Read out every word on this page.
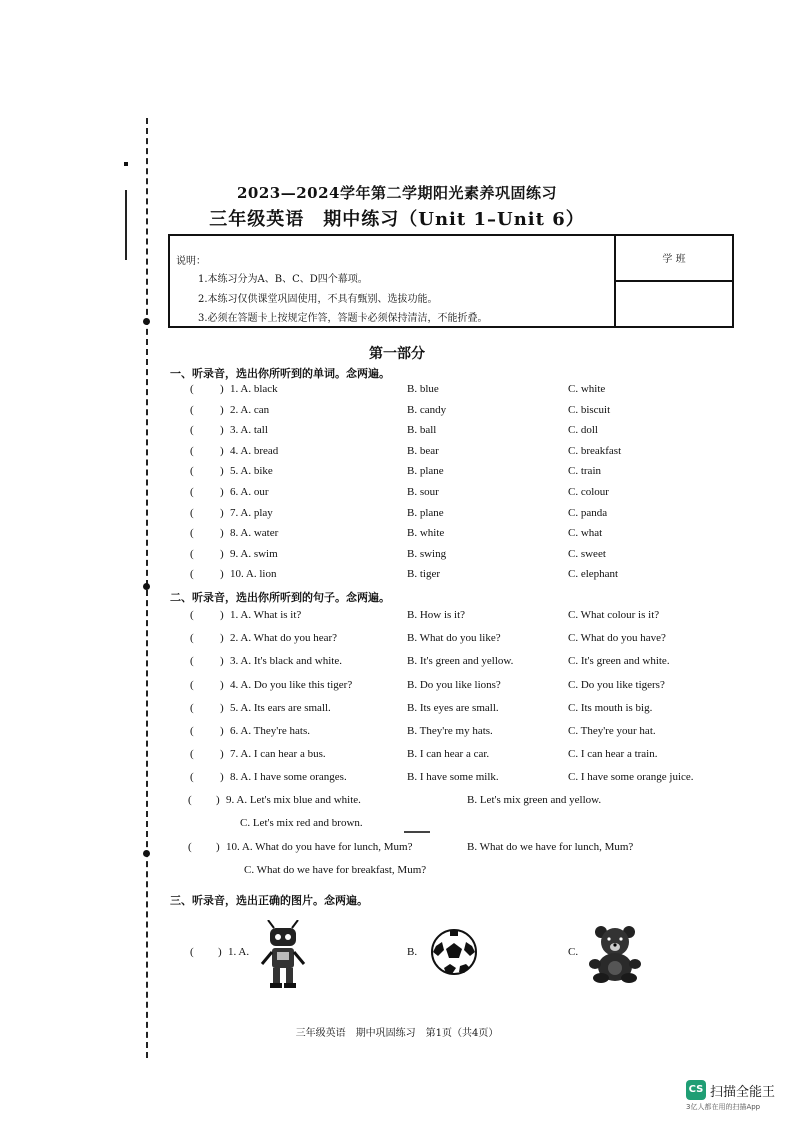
2023—2024学年第二学期阳光素养巩固练习
三年级英语　期中练习（Unit 1–Unit 6）
说明：
1.本练习分为A、B、C、D四个幕项。
2.本练习仅供课堂巩固使用，不具有甄别、选拔功能。
3.必须在答题卡上按规定作答，答题卡必须保持清洁，不能折叠。
学 班
第一部分
一、听录音，选出你所听到的单词。念两遍。
( ) 1. A. black	B. blue	C. white
( ) 2. A. can	B. candy	C. biscuit
( ) 3. A. tall	B. ball	C. doll
( ) 4. A. bread	B. bear	C. breakfast
( ) 5. A. bike	B. plane	C. train
( ) 6. A. our	B. sour	C. colour
( ) 7. A. play	B. plane	C. panda
( ) 8. A. water	B. white	C. what
( ) 9. A. swim	B. swing	C. sweet
( ) 10. A. lion	B. tiger	C. elephant
二、听录音，选出你所听到的句子。念两遍。
( ) 1. A. What is it?	B. How is it?	C. What colour is it?
( ) 2. A. What do you hear?	B. What do you like?	C. What do you have?
( ) 3. A. It's black and white.	B. It's green and yellow.	C. It's green and white.
( ) 4. A. Do you like this tiger?	B. Do you like lions?	C. Do you like tigers?
( ) 5. A. Its ears are small.	B. Its eyes are small.	C. Its mouth is big.
( ) 6. A. They're hats.	B. They're my hats.	C. They're your hat.
( ) 7. A. I can hear a bus.	B. I can hear a car.	C. I can hear a train.
( ) 8. A. I have some oranges.	B. I have some milk.	C. I have some orange juice.
( ) 9. A. Let's mix blue and white.	B. Let's mix green and yellow.
C. Let's mix red and brown.
( ) 10. A. What do you have for lunch, Mum?	B. What do we have for lunch, Mum?
C. What do we have for breakfast, Mum?
三、听录音，选出正确的图片。念两遍。
( ) 1. A.	B.	C.
三年级英语　期中巩固练习　第1页（共4页）
CS 扫描全能王
3亿人都在用的扫描App
